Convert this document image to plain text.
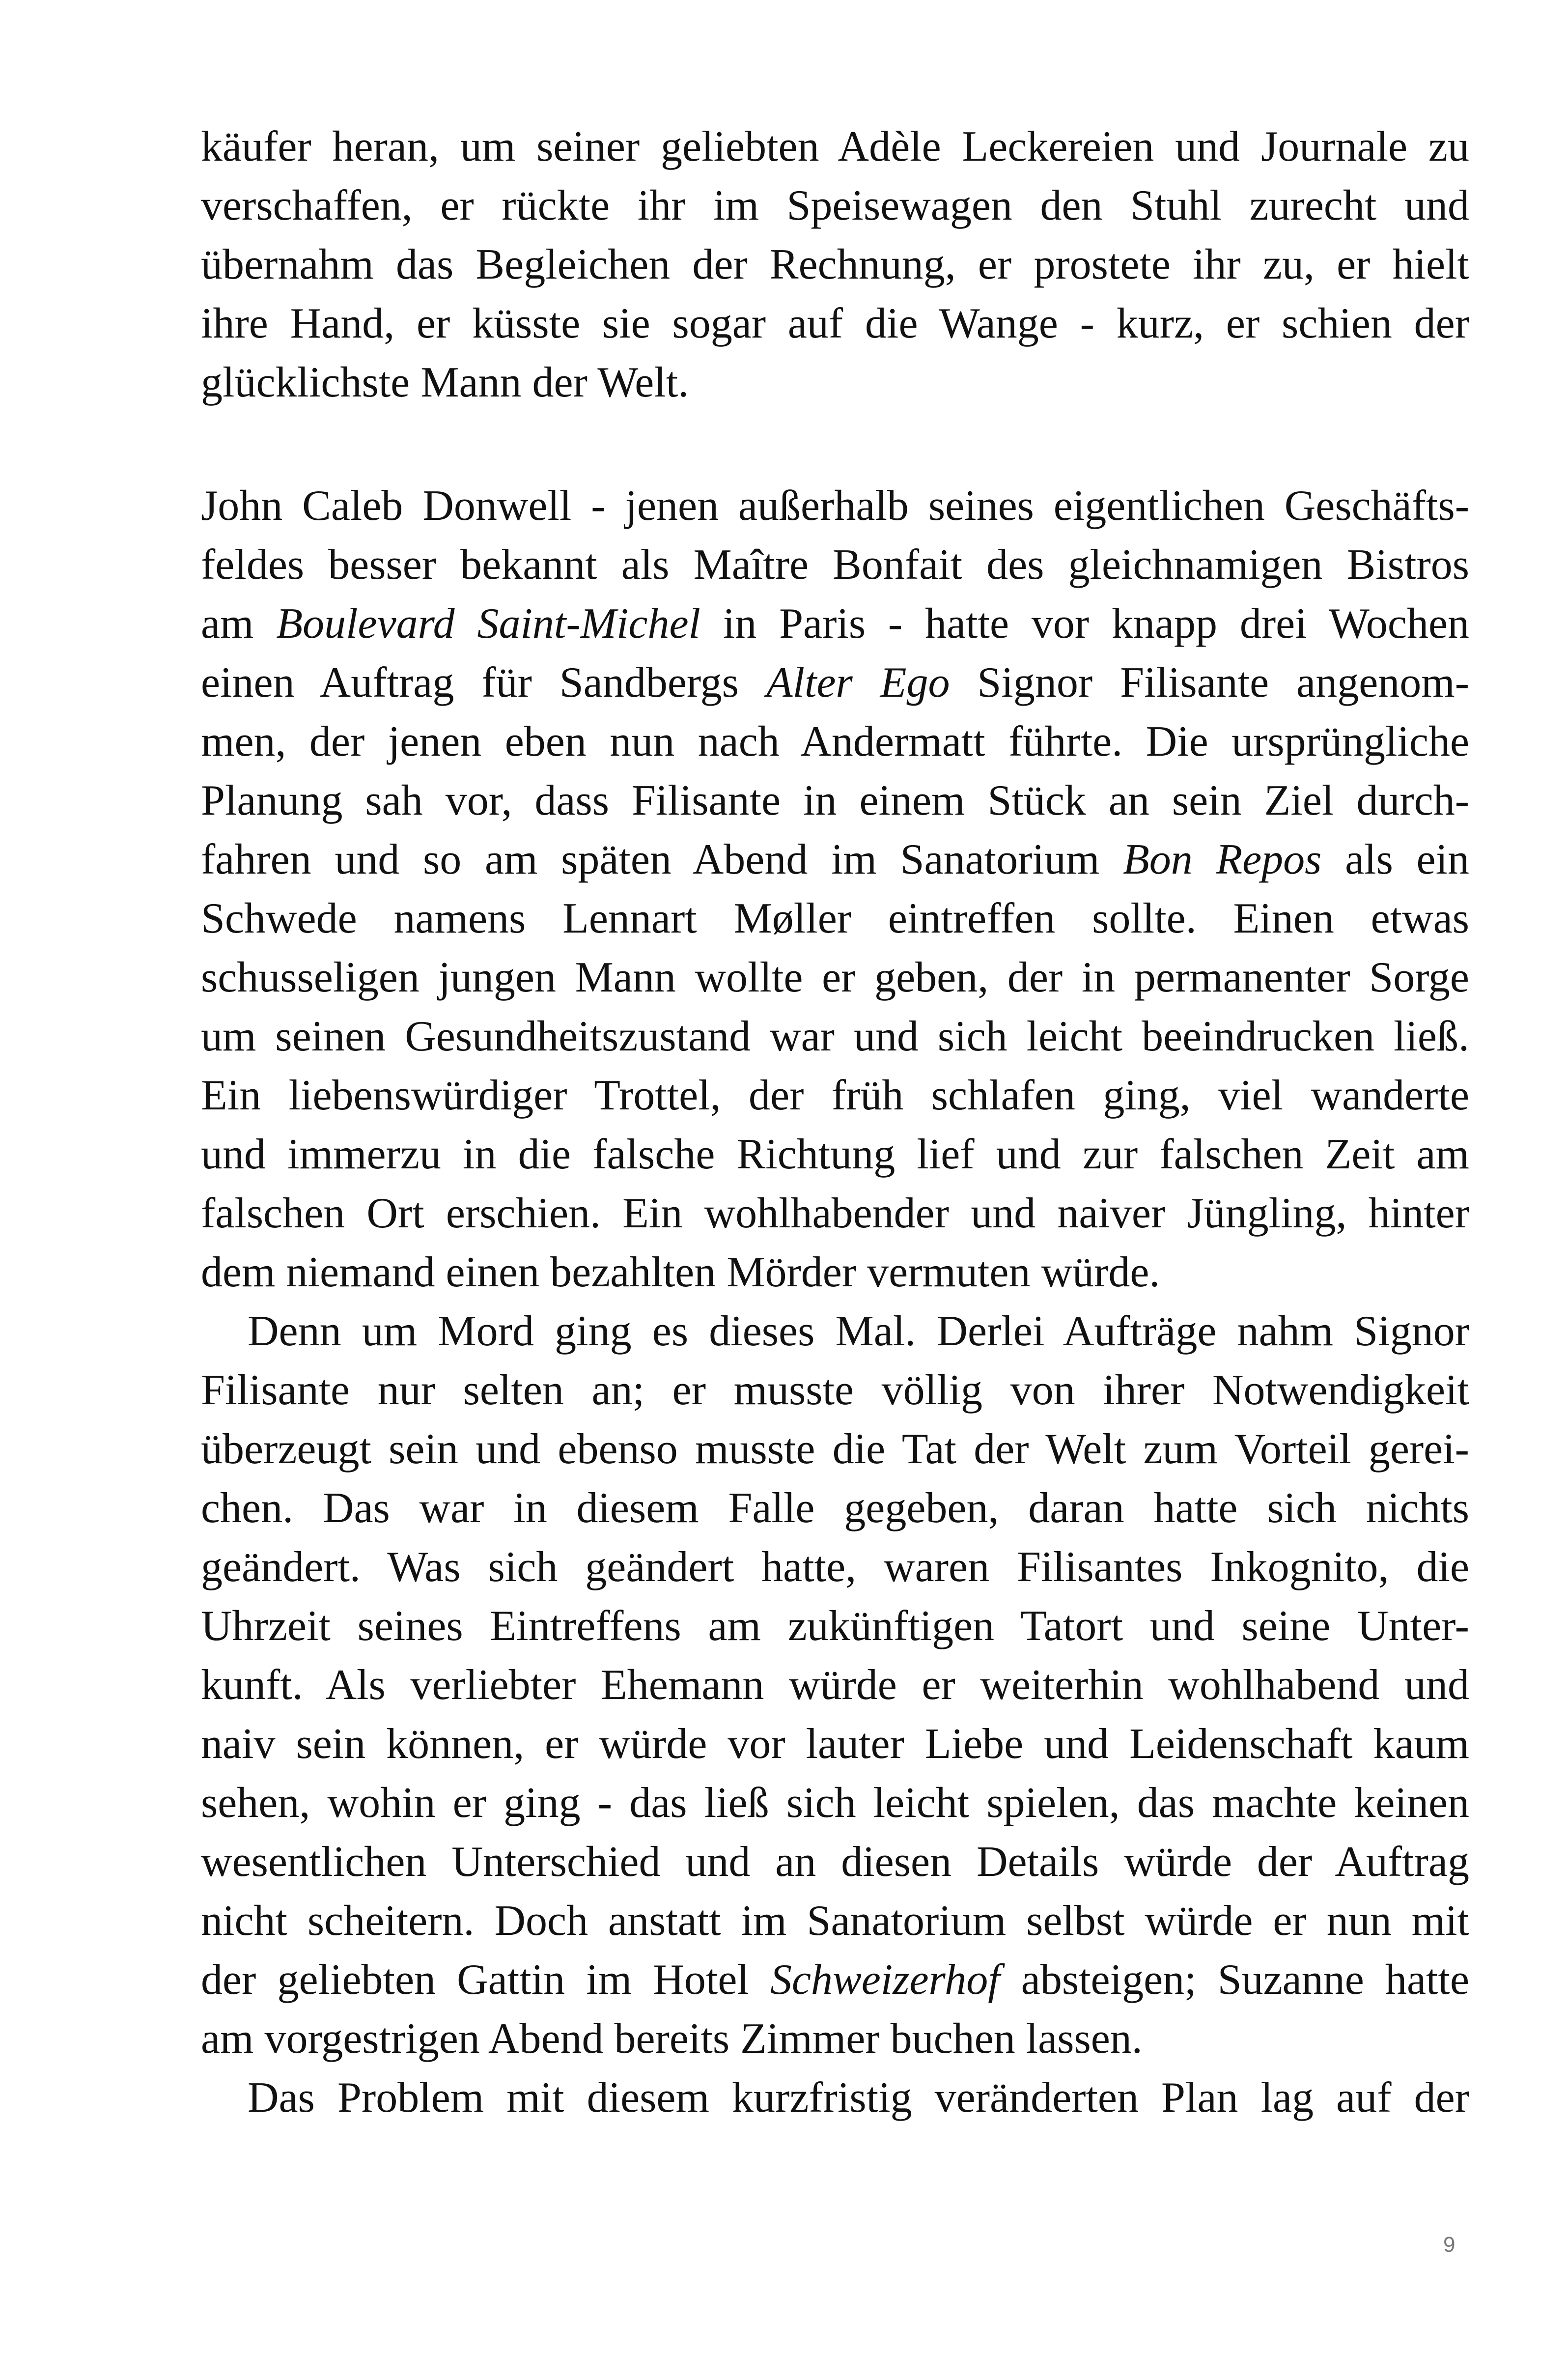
käufer heran, um seiner geliebten Adèle Leckereien und Journale zu
verschaffen, er rückte ihr im Speisewagen den Stuhl zurecht und
übernahm das Begleichen der Rechnung, er prostete ihr zu, er hielt
ihre Hand, er küsste sie sogar auf die Wange - kurz, er schien der
glücklichste Mann der Welt.
John Caleb Donwell - jenen außerhalb seines eigentlichen Geschäfts-
feldes besser bekannt als Maître Bonfait des gleichnamigen Bistros
am Boulevard Saint-Michel in Paris - hatte vor knapp drei Wochen
einen Auftrag für Sandbergs Alter Ego Signor Filisante angenom-
men, der jenen eben nun nach Andermatt führte. Die ursprüngliche
Planung sah vor, dass Filisante in einem Stück an sein Ziel durch-
fahren und so am späten Abend im Sanatorium Bon Repos als ein
Schwede namens Lennart Møller eintreffen sollte. Einen etwas
schusseligen jungen Mann wollte er geben, der in permanenter Sorge
um seinen Gesundheitszustand war und sich leicht beeindrucken ließ.
Ein liebenswürdiger Trottel, der früh schlafen ging, viel wanderte
und immerzu in die falsche Richtung lief und zur falschen Zeit am
falschen Ort erschien. Ein wohlhabender und naiver Jüngling, hinter
dem niemand einen bezahlten Mörder vermuten würde.
Denn um Mord ging es dieses Mal. Derlei Aufträge nahm Signor
Filisante nur selten an; er musste völlig von ihrer Notwendigkeit
überzeugt sein und ebenso musste die Tat der Welt zum Vorteil gerei-
chen. Das war in diesem Falle gegeben, daran hatte sich nichts
geändert. Was sich geändert hatte, waren Filisantes Inkognito, die
Uhrzeit seines Eintreffens am zukünftigen Tatort und seine Unter-
kunft. Als verliebter Ehemann würde er weiterhin wohlhabend und
naiv sein können, er würde vor lauter Liebe und Leidenschaft kaum
sehen, wohin er ging - das ließ sich leicht spielen, das machte keinen
wesentlichen Unterschied und an diesen Details würde der Auftrag
nicht scheitern. Doch anstatt im Sanatorium selbst würde er nun mit
der geliebten Gattin im Hotel Schweizerhof absteigen; Suzanne hatte
am vorgestrigen Abend bereits Zimmer buchen lassen.
Das Problem mit diesem kurzfristig veränderten Plan lag auf der
9
